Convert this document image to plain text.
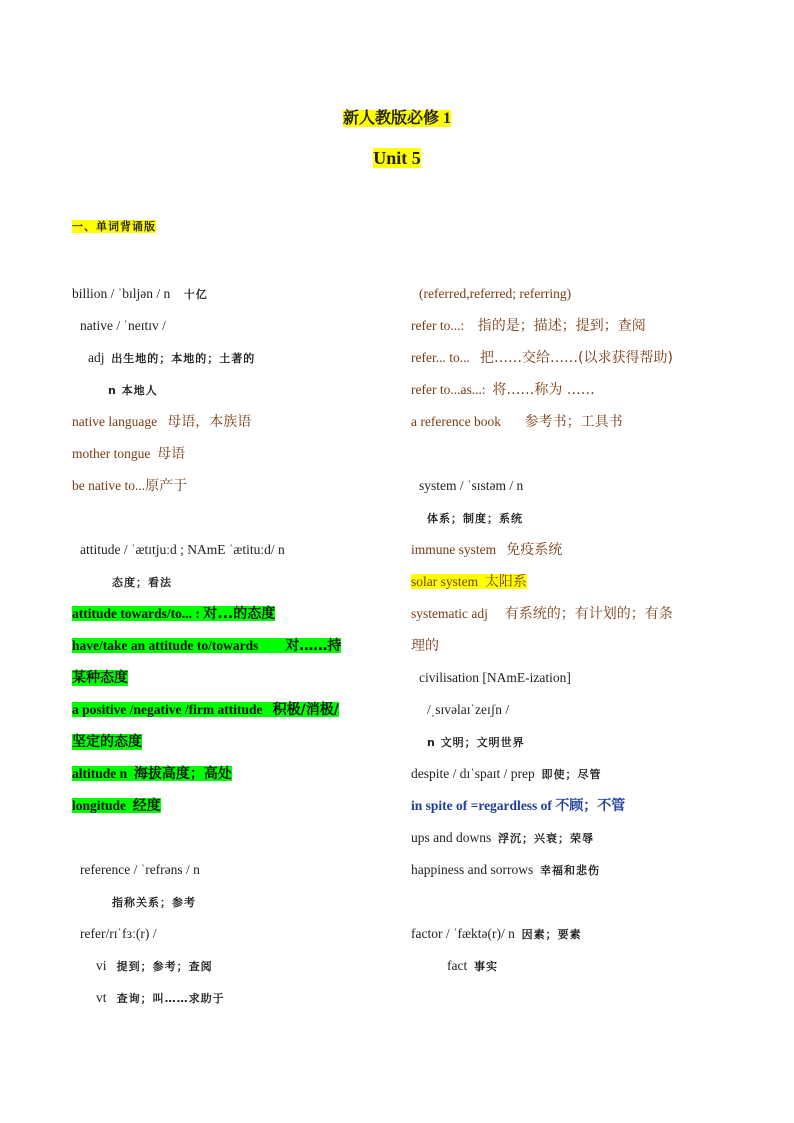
新人教版必修 1
Unit 5
一、单词背诵版
billion / ˈbɪljən / n 十亿
native / ˈneɪtɪv /
adj 出生地的；本地的；土著的
n 本地人
native language 母语，本族语
mother tongue 母语
be native to...原产于
attitude / ˈætɪtjuːd ; NAmE ˈætituːd/ n
态度；看法
attitude towards/to... : 对...的态度
have/take an attitude to/towards 对……持
某种态度
a positive /negative /firm attitude 积极/消极/
坚定的态度
altitude n 海拔高度；高处
longitude 经度
reference / ˈrefrəns / n
指称关系；参考
refer/rɪˈfɜː(r) /
vi 提到；参考；查阅
vt 查询；叫……求助于
(referred,referred; referring)
refer to...: 指的是；描述；提到；查阅
refer... to... 把……交给……(以求获得帮助)
refer to...as...: 将……称为 ……
a reference book 参考书；工具书
system / ˈsɪstəm / n
体系；制度；系统
immune system 免疫系统
solar system 太阳系
systematic adj 有系统的；有计划的；有条
理的
civilisation [NAmE-ization]
/ˌsɪvəlaɪˈzeɪʃn /
n 文明；文明世界
despite / dɪˈspaɪt / prep 即使；尽管
in spite of =regardless of 不顾；不管
ups and downs 浮沉；兴衰；荣辱
happiness and sorrows 幸福和悲伤
factor / ˈfæktə(r)/ n 因素；要素
fact 事实
